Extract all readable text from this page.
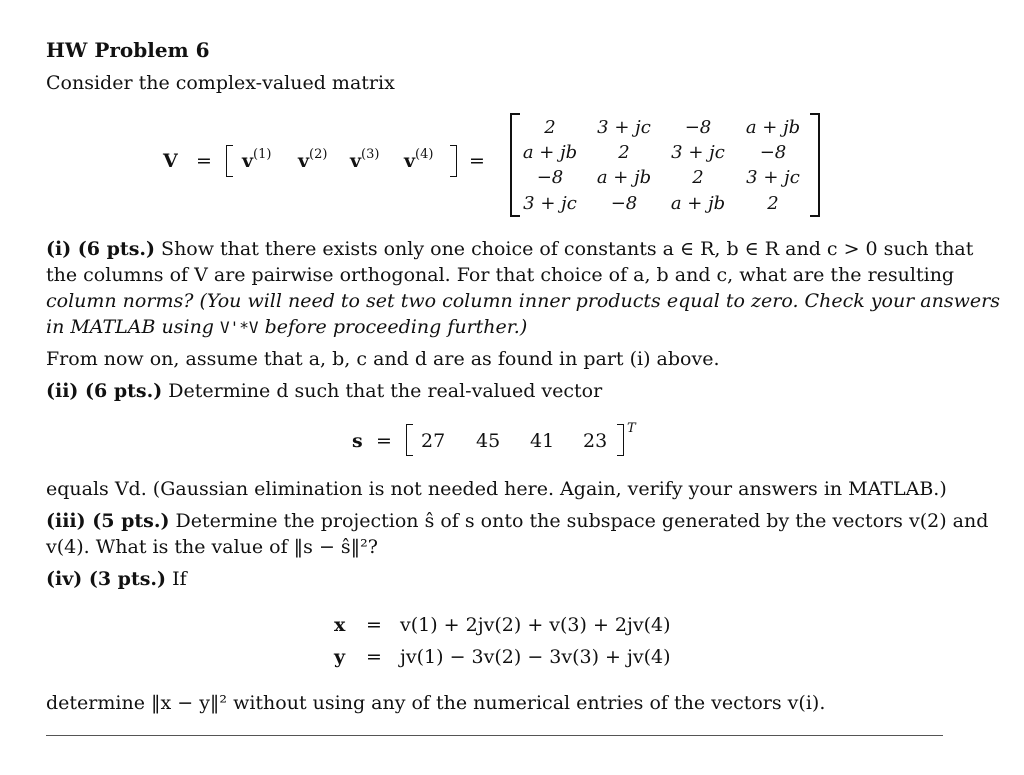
HW Problem 6
Consider the complex-valued matrix
$V = v^{(1)}$ $v^{(2)}$ $v^{(3)}$ $v^{(4)}$ =
2	3 + jc	−8	a + jb
a + jb	2	3 + jc	−8
−8	a + jb	2	3 + jc
3 + jc	−8	a + jb	2
(i) (6 pts.) Show that there exists only one choice of constants a ∈ R, b ∈ R and c > 0 such that
the columns of V are pairwise orthogonal. For that choice of a, b and c, what are the resulting
column norms? (You will need to set two column inner products equal to zero. Check your answers
in MATLAB using V'*V before proceeding further.)
From now on, assume that a, b, c and d are as found in part (i) above.
(ii) (6 pts.) Determine d such that the real-valued vector
s = 27 45 41 23
T
equals Vd. (Gaussian elimination is not needed here. Again, verify your answers in MATLAB.)
(iii) (5 pts.) Determine the projection ŝ of s onto the subspace generated by the vectors v(2) and
v(4). What is the value of ‖s − ŝ‖²?
(iv) (3 pts.) If
x = v(1) + 2jv(2) + v(3) + 2jv(4)
y = jv(1) − 3v(2) − 3v(3) + jv(4)
determine ‖x − y‖² without using any of the numerical entries of the vectors v(i).
